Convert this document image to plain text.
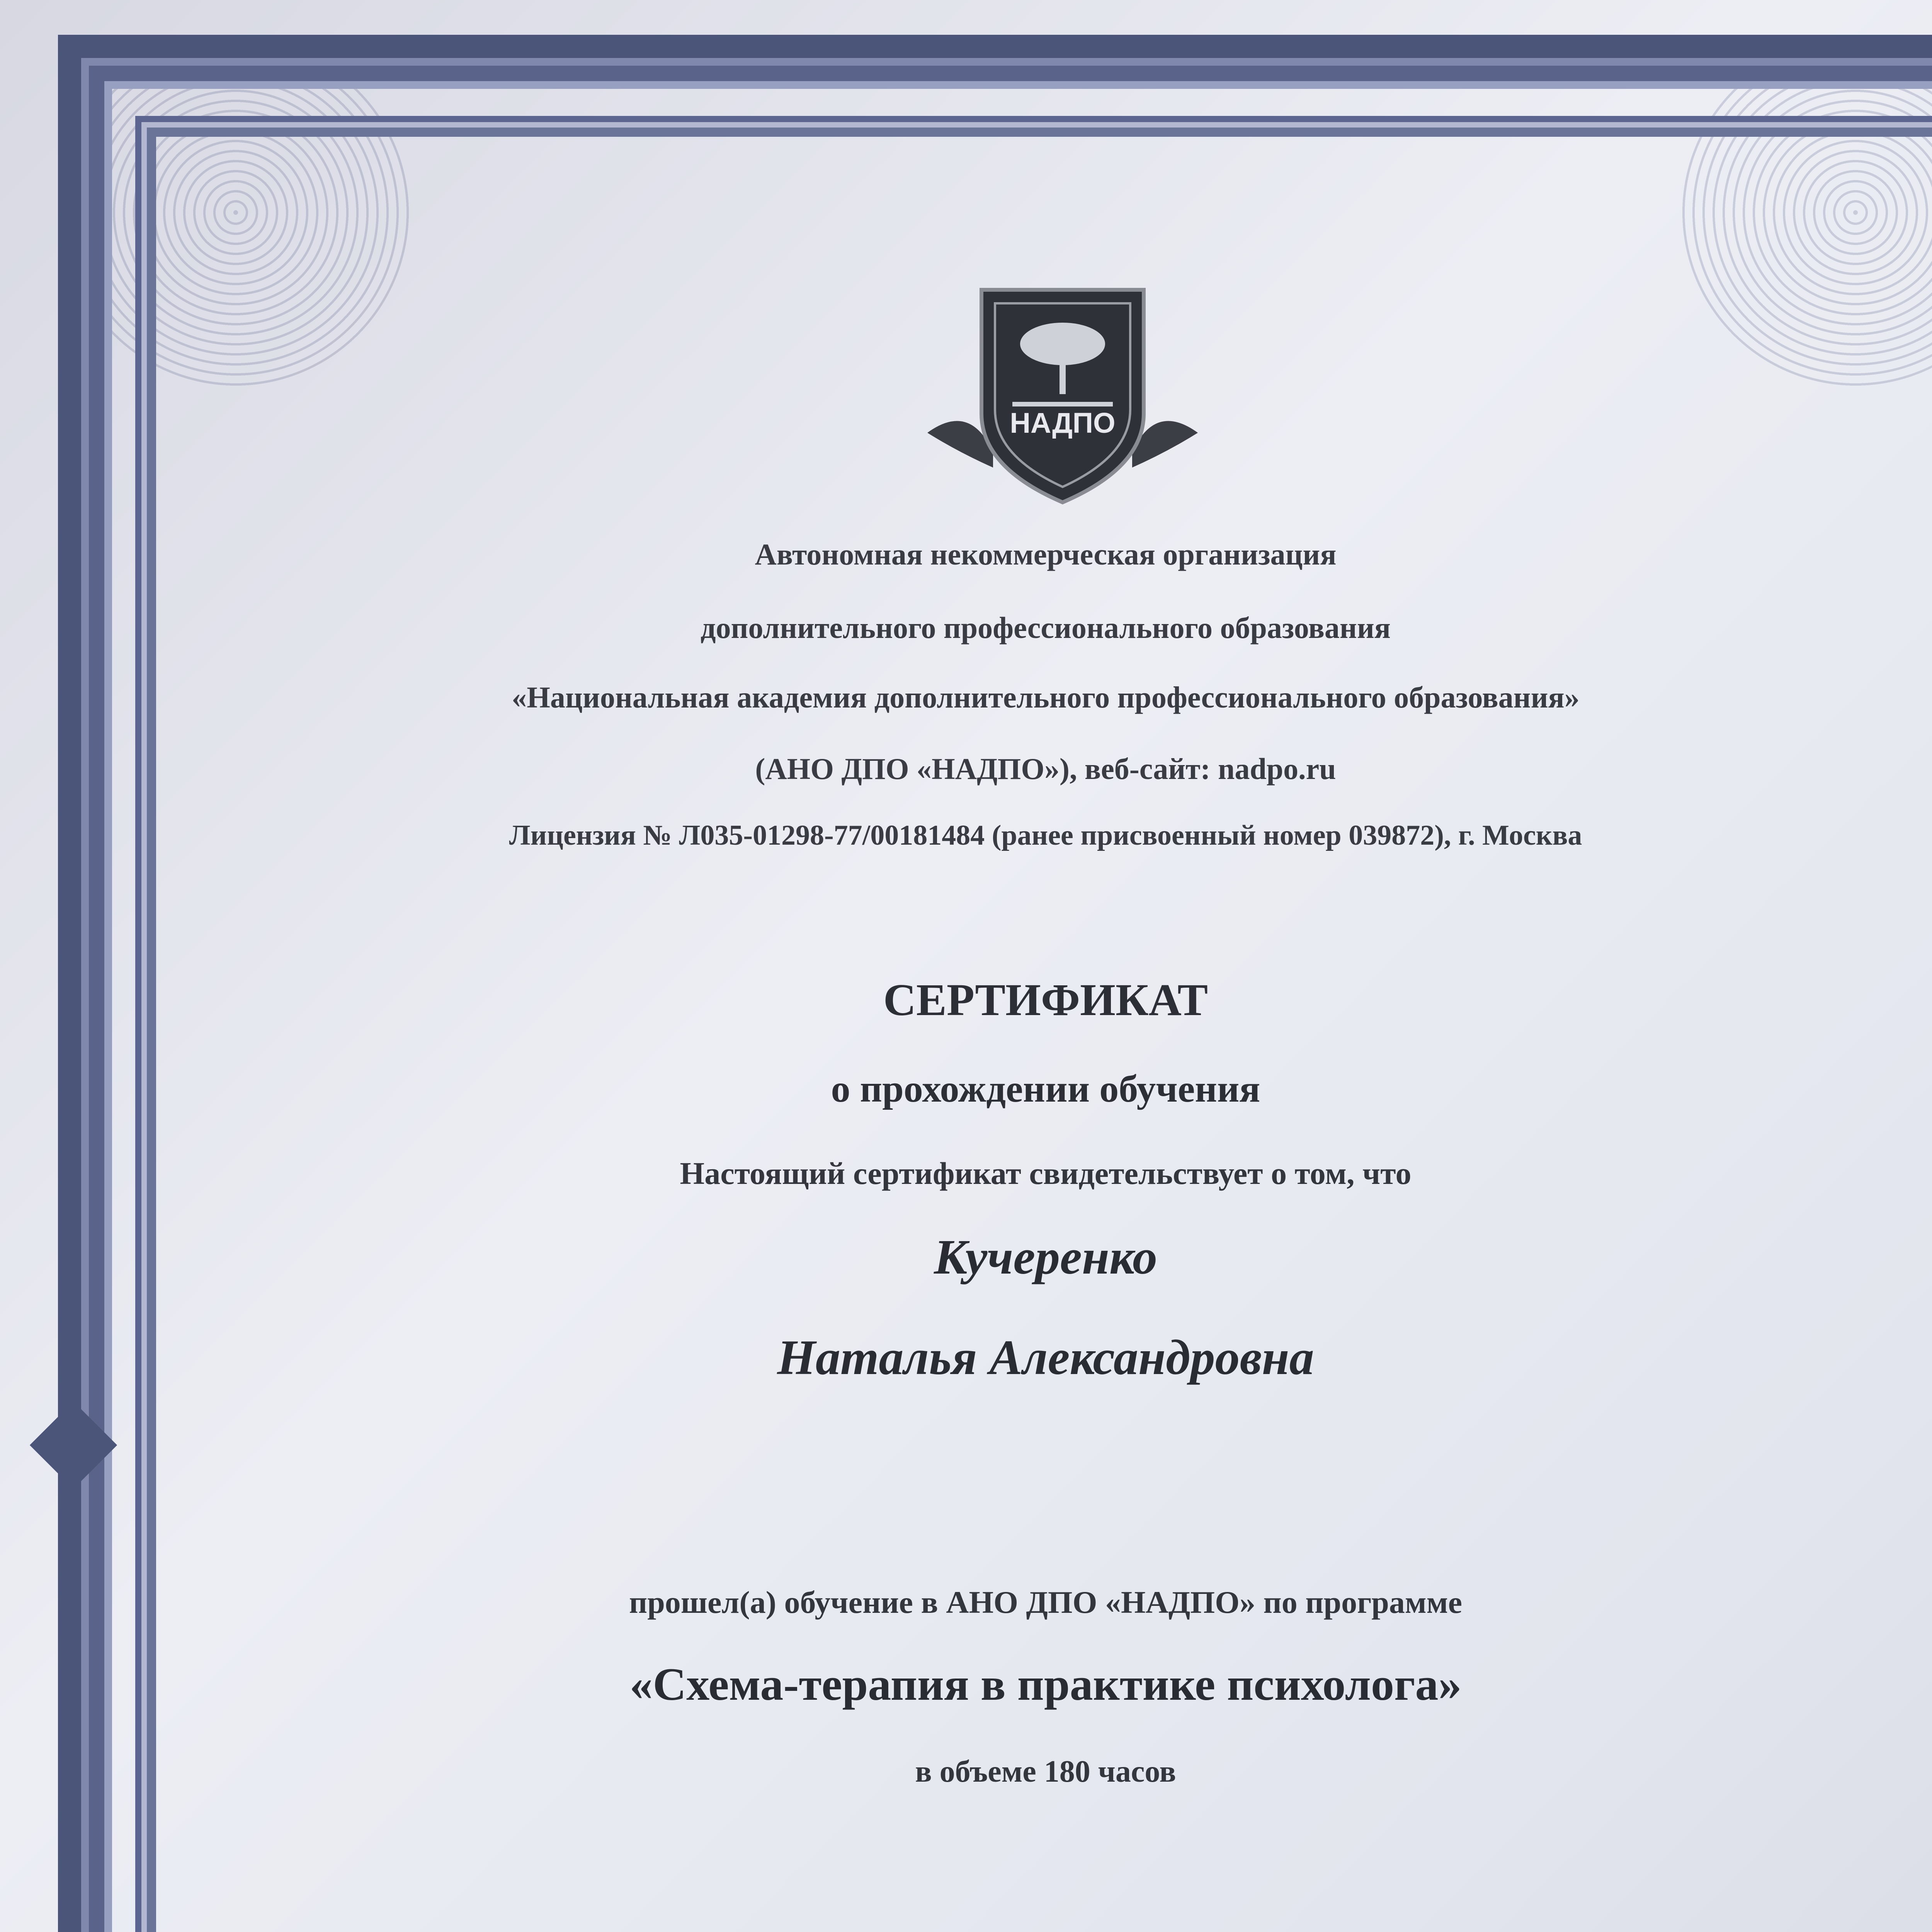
НАДПО
Автономная некоммерческая организация
дополнительного профессионального образования
«Национальная академия дополнительного профессионального образования»
(АНО ДПО «НАДПО»), веб-сайт: nadpo.ru
Лицензия № Л035-01298-77/00181484 (ранее присвоенный номер 039872), г. Москва
СЕРТИФИКАТ
о прохождении обучения
Настоящий сертификат свидетельствует о том, что
Кучеренко
Наталья Александровна
прошел(а) обучение в АНО ДПО «НАДПО» по программе
«Схема-терапия в практике психолога»
в объеме 180 часов
